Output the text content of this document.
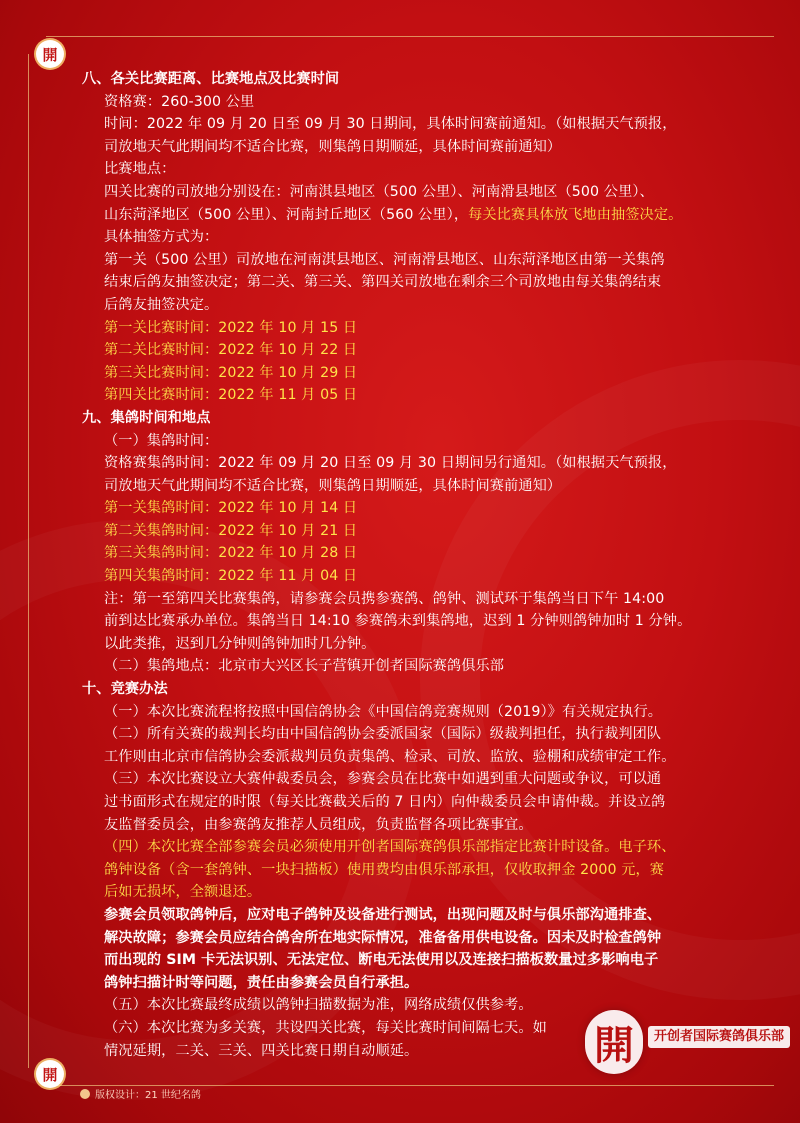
開
開
八、各关比赛距离、比赛地点及比赛时间
资格赛：260-300 公里
时间：2022 年 09 月 20 日至 09 月 30 日期间，具体时间赛前通知。（如根据天气预报，
司放地天气此期间均不适合比赛，则集鸽日期顺延，具体时间赛前通知）
比赛地点：
四关比赛的司放地分别设在：河南淇县地区（500 公里）、河南滑县地区（500 公里）、
山东菏泽地区（500 公里）、河南封丘地区（560 公里），每关比赛具体放飞地由抽签决定。
具体抽签方式为：
第一关（500 公里）司放地在河南淇县地区、河南滑县地区、山东菏泽地区由第一关集鸽
结束后鸽友抽签决定；第二关、第三关、第四关司放地在剩余三个司放地由每关集鸽结束
后鸽友抽签决定。
第一关比赛时间：2022 年 10 月 15 日
第二关比赛时间：2022 年 10 月 22 日
第三关比赛时间：2022 年 10 月 29 日
第四关比赛时间：2022 年 11 月 05 日
九、集鸽时间和地点
（一）集鸽时间：
资格赛集鸽时间：2022 年 09 月 20 日至 09 月 30 日期间另行通知。（如根据天气预报，
司放地天气此期间均不适合比赛，则集鸽日期顺延，具体时间赛前通知）
第一关集鸽时间：2022 年 10 月 14 日
第二关集鸽时间：2022 年 10 月 21 日
第三关集鸽时间：2022 年 10 月 28 日
第四关集鸽时间：2022 年 11 月 04 日
注：第一至第四关比赛集鸽，请参赛会员携参赛鸽、鸽钟、测试环于集鸽当日下午 14:00
前到达比赛承办单位。集鸽当日 14:10 参赛鸽未到集鸽地，迟到 1 分钟则鸽钟加时 1 分钟。
以此类推，迟到几分钟则鸽钟加时几分钟。
（二）集鸽地点：北京市大兴区长子营镇开创者国际赛鸽俱乐部
十、竞赛办法
（一）本次比赛流程将按照中国信鸽协会《中国信鸽竞赛规则（2019）》有关规定执行。
（二）所有关赛的裁判长均由中国信鸽协会委派国家（国际）级裁判担任，执行裁判团队
工作则由北京市信鸽协会委派裁判员负责集鸽、检录、司放、监放、验棚和成绩审定工作。
（三）本次比赛设立大赛仲裁委员会，参赛会员在比赛中如遇到重大问题或争议，可以通
过书面形式在规定的时限（每关比赛截关后的 7 日内）向仲裁委员会申请仲裁。并设立鸽
友监督委员会，由参赛鸽友推荐人员组成，负责监督各项比赛事宜。
（四）本次比赛全部参赛会员必须使用开创者国际赛鸽俱乐部指定比赛计时设备。电子环、
鸽钟设备（含一套鸽钟、一块扫描板）使用费均由俱乐部承担，仅收取押金 2000 元，赛
后如无损坏，全额退还。
参赛会员领取鸽钟后，应对电子鸽钟及设备进行测试，出现问题及时与俱乐部沟通排查、
解决故障；参赛会员应结合鸽舍所在地实际情况，准备备用供电设备。因未及时检查鸽钟
而出现的 SIM 卡无法识别、无法定位、断电无法使用以及连接扫描板数量过多影响电子
鸽钟扫描计时等问题，责任由参赛会员自行承担。
（五）本次比赛最终成绩以鸽钟扫描数据为准，网络成绩仅供参考。
（六）本次比赛为多关赛，共设四关比赛，每关比赛时间间隔七天。如
情况延期，二关、三关、四关比赛日期自动顺延。	開	开创者国际赛鸽俱乐部
版权设计：21 世纪名鸽
